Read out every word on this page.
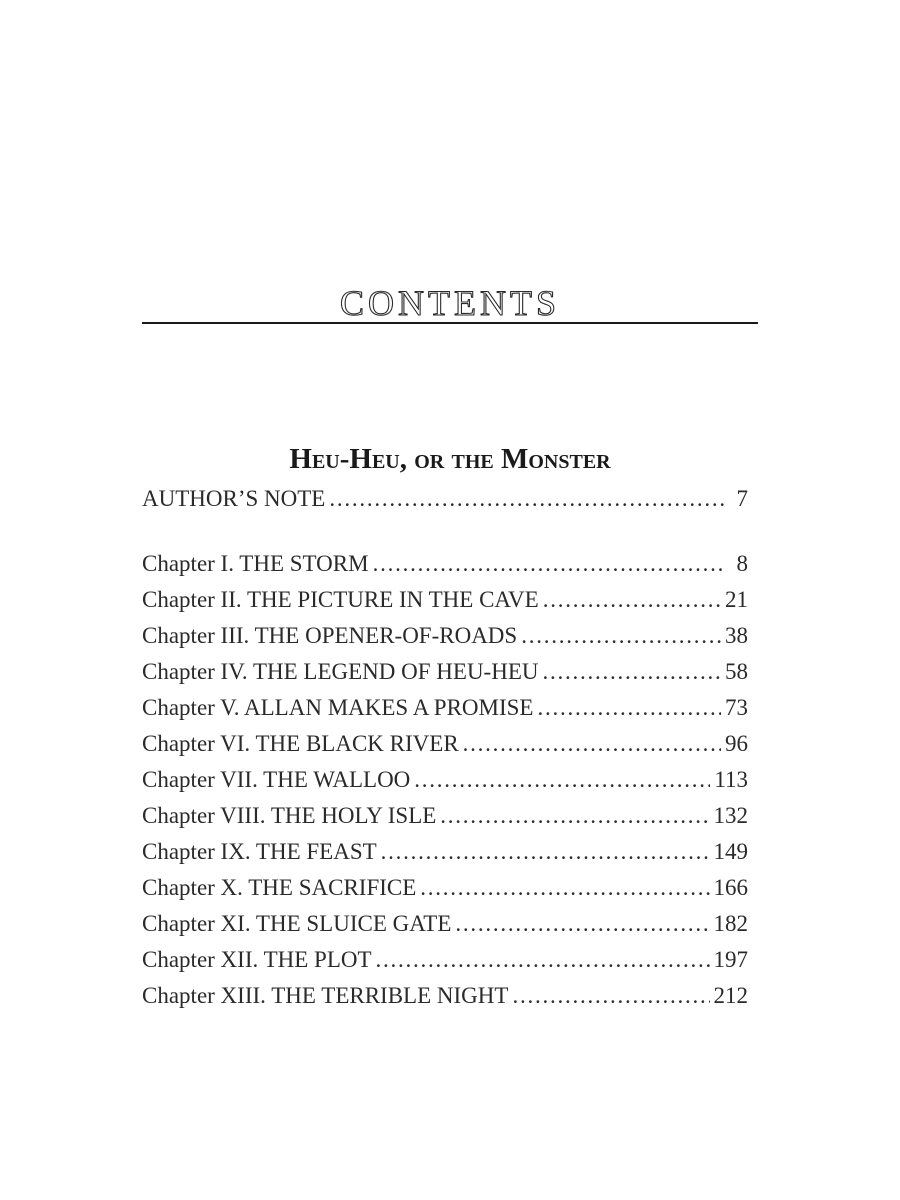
CONTENTS
Heu-Heu, or the Monster
AUTHOR’S NOTE . . .	7
Chapter I. THE STORM . . .	8
Chapter II. THE PICTURE IN THE CAVE . . .	21
Chapter III. THE OPENER-OF-ROADS . . .	38
Chapter IV. THE LEGEND OF HEU-HEU . . .	58
Chapter V. ALLAN MAKES A PROMISE . . .	73
Chapter VI. THE BLACK RIVER . . .	96
Chapter VII. THE WALLOO . . .	113
Chapter VIII. THE HOLY ISLE . . .	132
Chapter IX. THE FEAST . . .	149
Chapter X. THE SACRIFICE . . .	166
Chapter XI. THE SLUICE GATE . . .	182
Chapter XII. THE PLOT . . .	197
Chapter XIII. THE TERRIBLE NIGHT . . .	212
